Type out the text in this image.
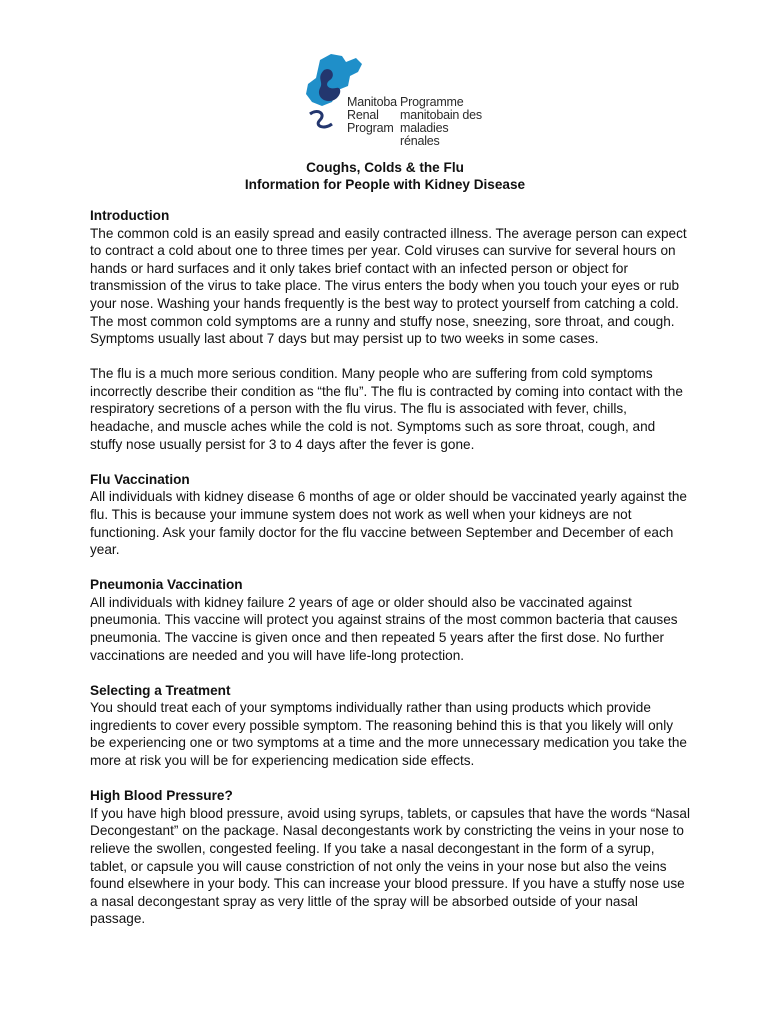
Manitoba
Renal
Program
Programme
manitobain des
maladies rénales
Coughs, Colds & the Flu
Information for People with Kidney Disease
Introduction

The common cold is an easily spread and easily contracted illness. The average person can expect to contract a cold about one to three times per year. Cold viruses can survive for several hours on hands or hard surfaces and it only takes brief contact with an infected person or object for transmission of the virus to take place. The virus enters the body when you touch your eyes or rub your nose. Washing your hands frequently is the best way to protect yourself from catching a cold. The most common cold symptoms are a runny and stuffy nose, sneezing, sore throat, and cough. Symptoms usually last about 7 days but may persist up to two weeks in some cases.

The flu is a much more serious condition. Many people who are suffering from cold symptoms incorrectly describe their condition as “the flu”. The flu is contracted by coming into contact with the respiratory secretions of a person with the flu virus. The flu is associated with fever, chills, headache, and muscle aches while the cold is not. Symptoms such as sore throat, cough, and stuffy nose usually persist for 3 to 4 days after the fever is gone.

Flu Vaccination

All individuals with kidney disease 6 months of age or older should be vaccinated yearly against the flu. This is because your immune system does not work as well when your kidneys are not functioning. Ask your family doctor for the flu vaccine between September and December of each year.

Pneumonia Vaccination

All individuals with kidney failure 2 years of age or older should also be vaccinated against pneumonia. This vaccine will protect you against strains of the most common bacteria that causes pneumonia. The vaccine is given once and then repeated 5 years after the first dose. No further vaccinations are needed and you will have life-long protection.

Selecting a Treatment

You should treat each of your symptoms individually rather than using products which provide ingredients to cover every possible symptom. The reasoning behind this is that you likely will only be experiencing one or two symptoms at a time and the more unnecessary medication you take the more at risk you will be for experiencing medication side effects.

High Blood Pressure?

If you have high blood pressure, avoid using syrups, tablets, or capsules that have the words “Nasal Decongestant” on the package. Nasal decongestants work by constricting the veins in your nose to relieve the swollen, congested feeling. If you take a nasal decongestant in the form of a syrup, tablet, or capsule you will cause constriction of not only the veins in your nose but also the veins found elsewhere in your body. This can increase your blood pressure. If you have a stuffy nose use a nasal decongestant spray as very little of the spray will be absorbed outside of your nasal passage.
